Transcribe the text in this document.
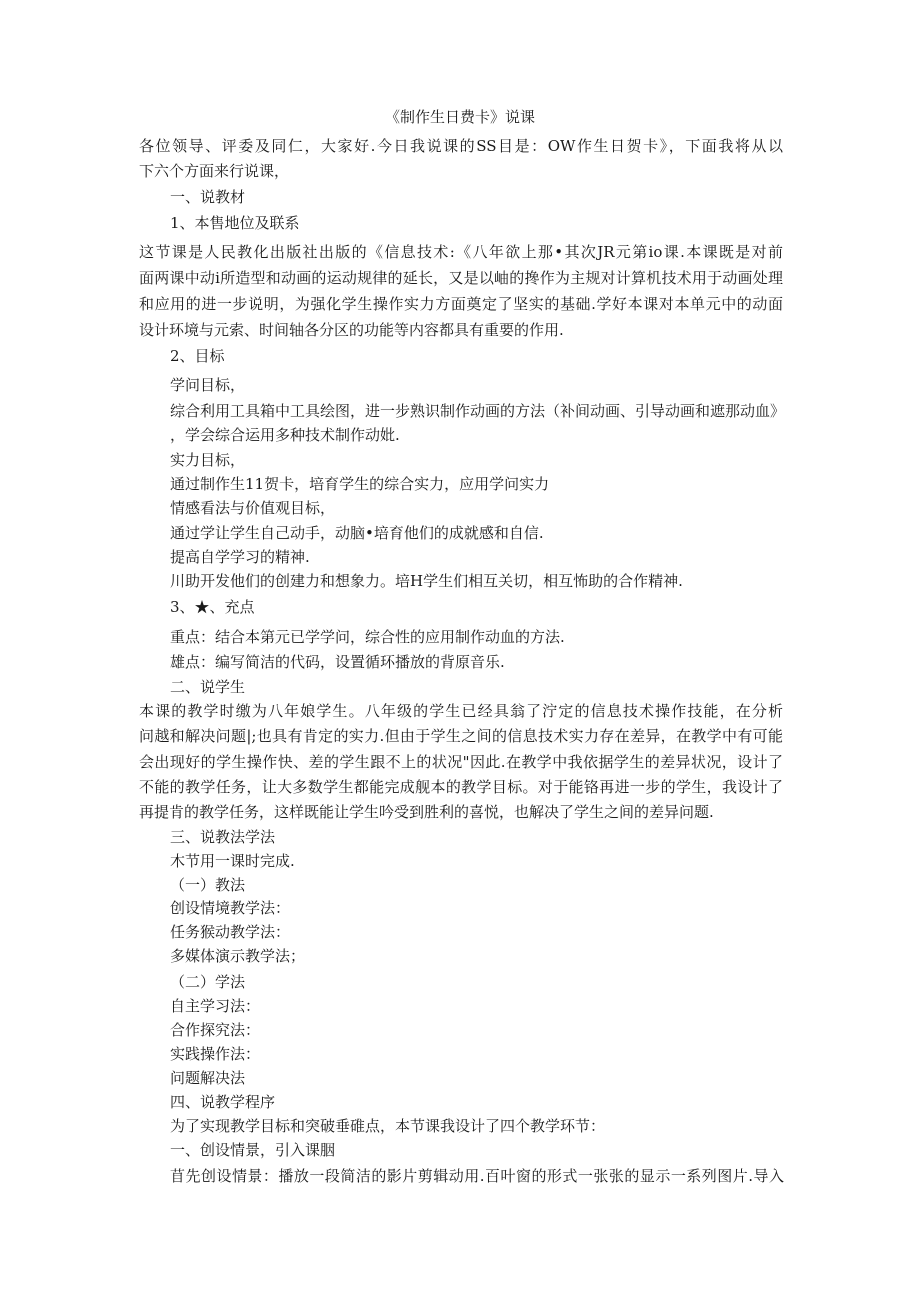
《制作生日费卡》说课
各位领导、评委及同仁，大家好.今日我说课的SS目是：OW作生日贺卡》，下面我将从以
下六个方面来行说课，
一、说教材
1、本售地位及联系
这节课是人民教化出版社出版的《信息技术:《八年欲上那•其次JR元第io课.本课既是对前
面两课中动i所造型和动画的运动规律的延长，又是以岫的搀作为主规对计算机技术用于动画处理
和应用的进一步说明，为强化学生操作实力方面奠定了坚实的基础.学好本课对本单元中的动面
设计环境与元索、时间轴各分区的功能等内容都具有重要的作用.
2、目标
学问目标，
综合利用工具箱中工具绘图，进一步熟识制作动画的方法（补间动画、引导动画和遮那动血》
，学会综合运用多种技术制作动妣.
实力目标，
通过制作生11贺卡，培育学生的综合实力，应用学问实力
情感看法与价值观目标，
通过学让学生自己动手，动脑•培育他们的成就感和自信.
提高自学学习的精神.
川助开发他们的创建力和想象力。培H学生们相互关切，相互怖助的合作精神.
3、★、充点
重点：结合本第元已学学问，综合性的应用制作动血的方法.
雄点：编写简洁的代码，设置循环播放的背原音乐.
二、说学生
本课的教学时缴为八年娘学生。八年级的学生已经具翁了泞定的信息技术操作技能，在分析
问越和解决问题|;也具有肯定的实力.但由于学生之间的信息技术实力存在差异，在教学中有可能
会出现好的学生操作快、差的学生跟不上的状况"因此.在教学中我依据学生的差异状况，设计了
不能的教学任务，让大多数学生都能完成舰本的教学目标。对于能铬再进一步的学生，我设计了
再提肯的教学任务，这样既能让学生吟受到胜利的喜悦，也解决了学生之间的差异问题.
三、说教法学法
木节用一课时完成.
（一）教法
创设情境教学法：
任务猴动教学法：
多媒体演示教学法；
（二）学法
自主学习法：
合作探究法：
实践操作法：
问题解决法
四、说教学程序
为了实现教学目标和突破垂碓点，本节课我设计了四个教学环节：
一、创设情景，引入课胭
苜先创设情景：播放一段简洁的影片剪辑动用.百叶窗的形式一张张的显示一系列图片.导入
